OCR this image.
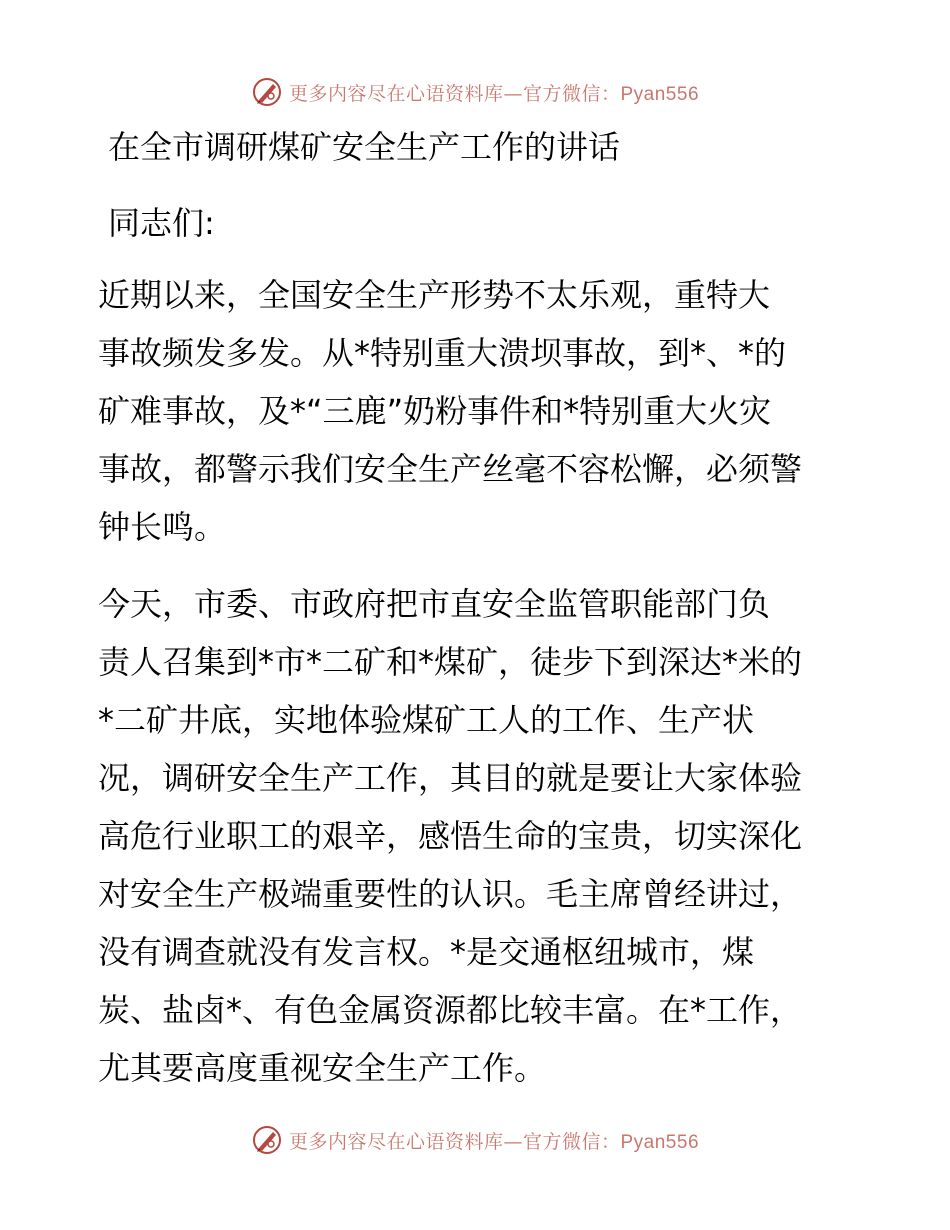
更多内容尽在心语资料库—官方微信：Pyan556
在全市调研煤矿安全生产工作的讲话
同志们:

近期以来，全国安全生产形势不太乐观，重特大
事故频发多发。从*特别重大溃坝事故，到*、*的
矿难事故，及*“三鹿”奶粉事件和*特别重大火灾
事故，都警示我们安全生产丝毫不容松懈，必须警
钟长鸣。

今天，市委、市政府把市直安全监管职能部门负
责人召集到*市*二矿和*煤矿，徒步下到深达*米的
*二矿井底，实地体验煤矿工人的工作、生产状
况，调研安全生产工作，其目的就是要让大家体验
高危行业职工的艰辛，感悟生命的宝贵，切实深化
对安全生产极端重要性的认识。毛主席曾经讲过，
没有调查就没有发言权。*是交通枢纽城市，煤
炭、盐卤*、有色金属资源都比较丰富。在*工作，
尤其要高度重视安全生产工作。

更多内容尽在心语资料库—官方微信：Pyan556
